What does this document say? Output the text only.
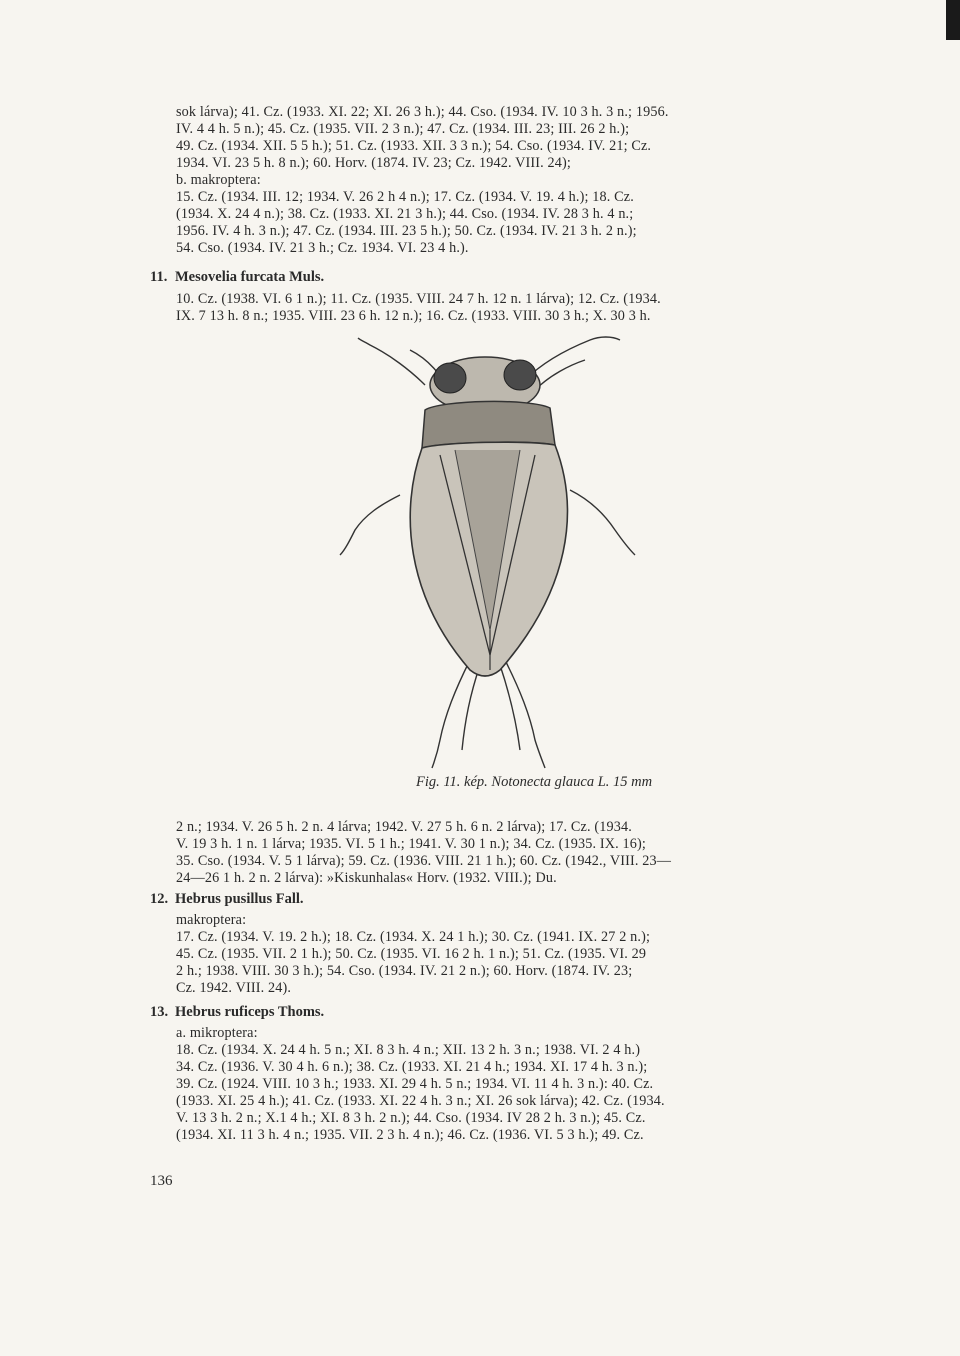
sok lárva); 41. Cz. (1933. XI. 22; XI. 26 3 h.); 44. Cso. (1934. IV. 10 3 h. 3 n.; 1956.
IV. 4 4 h. 5 n.); 45. Cz. (1935. VII. 2 3 n.); 47. Cz. (1934. III. 23; III. 26 2 h.);
49. Cz. (1934. XII. 5 5 h.); 51. Cz. (1933. XII. 3 3 n.); 54. Cso. (1934. IV. 21; Cz.
1934. VI. 23 5 h. 8 n.); 60. Horv. (1874. IV. 23; Cz. 1942. VIII. 24);
b. makroptera:
15. Cz. (1934. III. 12; 1934. V. 26 2 h 4 n.); 17. Cz. (1934. V. 19. 4 h.); 18. Cz.
(1934. X. 24 4 n.); 38. Cz. (1933. XI. 21 3 h.); 44. Cso. (1934. IV. 28 3 h. 4 n.;
1956. IV. 4 h. 3 n.); 47. Cz. (1934. III. 23 5 h.); 50. Cz. (1934. IV. 21 3 h. 2 n.);
54. Cso. (1934. IV. 21 3 h.; Cz. 1934. VI. 23 4 h.).
11. Mesovelia furcata Muls.
10. Cz. (1938. VI. 6 1 n.); 11. Cz. (1935. VIII. 24 7 h. 12 n. 1 lárva); 12. Cz. (1934.
IX. 7 13 h. 8 n.; 1935. VIII. 23 6 h. 12 n.); 16. Cz. (1933. VIII. 30 3 h.; X. 30 3 h.
Fig. 11. kép. Notonecta glauca L. 15 mm
2 n.; 1934. V. 26 5 h. 2 n. 4 lárva; 1942. V. 27 5 h. 6 n. 2 lárva); 17. Cz. (1934.
V. 19 3 h. 1 n. 1 lárva; 1935. VI. 5 1 h.; 1941. V. 30 1 n.); 34. Cz. (1935. IX. 16);
35. Cso. (1934. V. 5 1 lárva); 59. Cz. (1936. VIII. 21 1 h.); 60. Cz. (1942., VIII. 23—
24—26 1 h. 2 n. 2 lárva): »Kiskunhalas« Horv. (1932. VIII.); Du.
12. Hebrus pusillus Fall.
makroptera:
17. Cz. (1934. V. 19. 2 h.); 18. Cz. (1934. X. 24 1 h.); 30. Cz. (1941. IX. 27 2 n.);
45. Cz. (1935. VII. 2 1 h.); 50. Cz. (1935. VI. 16 2 h. 1 n.); 51. Cz. (1935. VI. 29
2 h.; 1938. VIII. 30 3 h.); 54. Cso. (1934. IV. 21 2 n.); 60. Horv. (1874. IV. 23;
Cz. 1942. VIII. 24).
13. Hebrus ruficeps Thoms.
a. mikroptera:
18. Cz. (1934. X. 24 4 h. 5 n.; XI. 8 3 h. 4 n.; XII. 13 2 h. 3 n.; 1938. VI. 2 4 h.)
34. Cz. (1936. V. 30 4 h. 6 n.); 38. Cz. (1933. XI. 21 4 h.; 1934. XI. 17 4 h. 3 n.);
39. Cz. (1924. VIII. 10 3 h.; 1933. XI. 29 4 h. 5 n.; 1934. VI. 11 4 h. 3 n.): 40. Cz.
(1933. XI. 25 4 h.); 41. Cz. (1933. XI. 22 4 h. 3 n.; XI. 26 sok lárva); 42. Cz. (1934.
V. 13 3 h. 2 n.; X.1 4 h.; XI. 8 3 h. 2 n.); 44. Cso. (1934. IV 28 2 h. 3 n.); 45. Cz.
(1934. XI. 11 3 h. 4 n.; 1935. VII. 2 3 h. 4 n.); 46. Cz. (1936. VI. 5 3 h.); 49. Cz.
136
